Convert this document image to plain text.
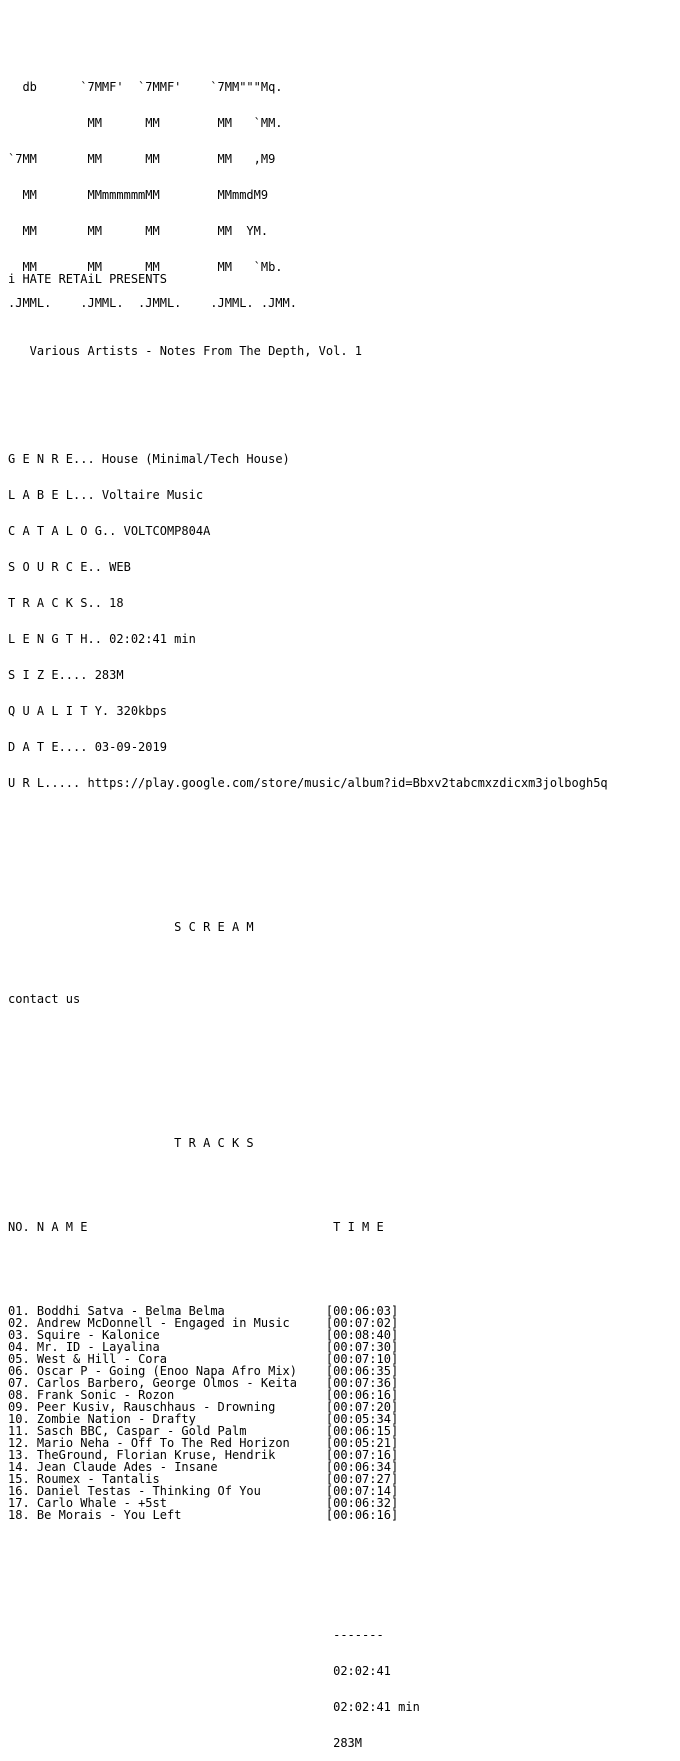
db      `7MMF'  `7MMF'    `7MM"""Mq.

MM      MM        MM   `MM.

`7MM       MM      MM        MM   ,M9

MM       MMmmmmmmMM        MMmmdM9

MM       MM      MM        MM  YM.

MM       MM      MM        MM   `Mb.

.JMML.    .JMML.  .JMML.    .JMML. .JMM.

i HATE RETAiL PRESENTS

Various Artists - Notes From The Depth, Vol. 1

G E N R E... House (Minimal/Tech House)

L A B E L... Voltaire Music

C A T A L O G.. VOLTCOMP804A

S O U R C E.. WEB

T R A C K S.. 18

L E N G T H.. 02:02:41 min

S I Z E.... 283M

Q U A L I T Y. 320kbps

D A T E.... 03-09-2019

U R L..... https://play.google.com/store/music/album?id=Bbxv2tabcmxzdicxm3jolbogh5q

S C R E A M

contact us

T R A C K S

NO. N A M E	T I M E

01. Boddhi Satva - Belma Belma	[00:06:03]
02. Andrew McDonnell - Engaged in Music	[00:07:02]
03. Squire - Kalonice	[00:08:40]
04. Mr. ID - Layalina	[00:07:30]
05. West & Hill - Cora	[00:07:10]
06. Oscar P - Going (Enoo Napa Afro Mix) [00:06:35]
07. Carlos Barbero, George Olmos - Keita [00:07:36]
08. Frank Sonic - Rozon	[00:06:16]
09. Peer Kusiv, Rauschhaus - Drowning	[00:07:20]
10. Zombie Nation - Drafty	[00:05:34]
11. Sasch BBC, Caspar - Gold Palm	[00:06:15]
12. Mario Neha - Off To The Red Horizon	[00:05:21]
13. TheGround, Florian Kruse, Hendrik	[00:07:16]
14. Jean Claude Ades - Insane	[00:06:34]
15. Roumex - Tantalis	[00:07:27]
16. Daniel Testas - Thinking Of You	[00:07:14]
17. Carlo Whale - +5st	[00:06:32]
18. Be Morais - You Left	[00:06:16]

-------

02:02:41

02:02:41 min

283M
